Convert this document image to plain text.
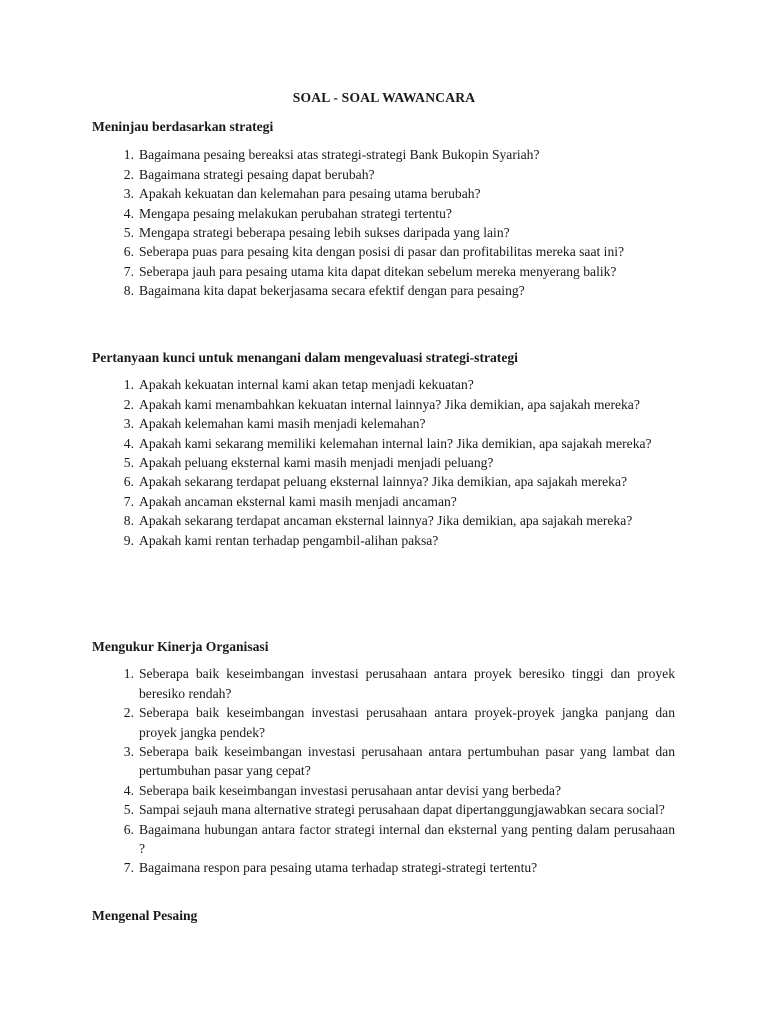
SOAL - SOAL WAWANCARA
Meninjau berdasarkan strategi
1. Bagaimana pesaing bereaksi atas strategi-strategi Bank Bukopin Syariah?
2. Bagaimana strategi pesaing dapat berubah?
3. Apakah kekuatan dan kelemahan para pesaing utama berubah?
4. Mengapa pesaing melakukan perubahan strategi tertentu?
5. Mengapa strategi beberapa pesaing lebih sukses daripada yang lain?
6. Seberapa puas para pesaing kita dengan posisi di pasar dan profitabilitas mereka saat ini?
7. Seberapa jauh para pesaing utama kita dapat ditekan sebelum mereka menyerang balik?
8. Bagaimana kita dapat bekerjasama secara efektif dengan para pesaing?
Pertanyaan kunci untuk menangani dalam mengevaluasi strategi-strategi
1. Apakah kekuatan internal kami akan tetap menjadi kekuatan?
2. Apakah kami menambahkan kekuatan internal lainnya? Jika demikian, apa sajakah mereka?
3. Apakah kelemahan kami masih menjadi kelemahan?
4. Apakah kami sekarang memiliki kelemahan internal lain? Jika demikian, apa sajakah mereka?
5. Apakah peluang eksternal kami masih menjadi menjadi peluang?
6. Apakah sekarang terdapat peluang eksternal lainnya? Jika demikian, apa sajakah mereka?
7. Apakah ancaman eksternal kami masih menjadi ancaman?
8. Apakah sekarang terdapat ancaman eksternal lainnya? Jika demikian, apa sajakah mereka?
9. Apakah kami rentan terhadap pengambil-alihan paksa?
Mengukur Kinerja Organisasi
1. Seberapa baik keseimbangan investasi perusahaan antara proyek beresiko tinggi dan proyek beresiko rendah?
2. Seberapa baik keseimbangan investasi perusahaan antara proyek-proyek jangka panjang dan proyek jangka pendek?
3. Seberapa baik keseimbangan investasi perusahaan antara pertumbuhan pasar yang lambat dan pertumbuhan pasar yang cepat?
4. Seberapa baik keseimbangan investasi perusahaan antar devisi yang berbeda?
5. Sampai sejauh mana alternative strategi perusahaan dapat dipertanggungjawabkan secara social?
6. Bagaimana hubungan antara factor strategi internal dan eksternal yang penting dalam perusahaan ?
7. Bagaimana respon para pesaing utama terhadap strategi-strategi tertentu?
Mengenal Pesaing
